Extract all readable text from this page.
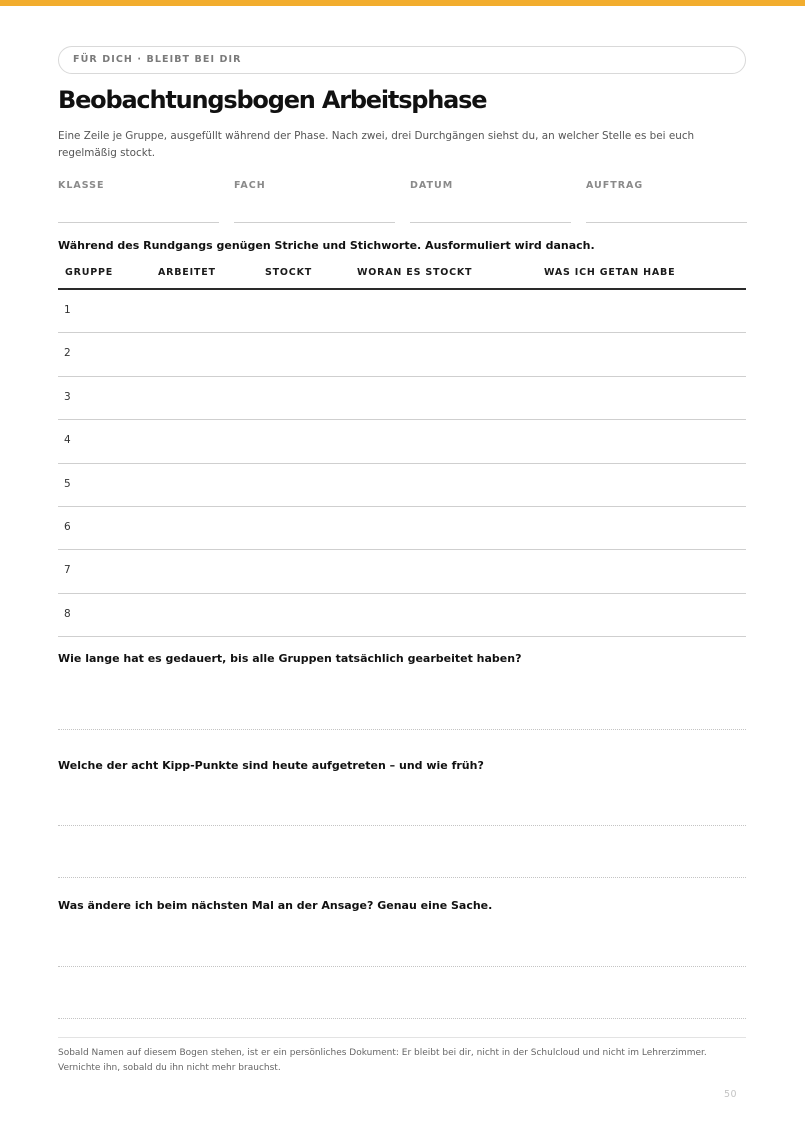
FÜR DICH · BLEIBT BEI DIR
Beobachtungsbogen Arbeitsphase

Eine Zeile je Gruppe, ausgefüllt während der Phase. Nach zwei, drei Durchgängen siehst du, an welcher Stelle es bei euch regelmäßig stockt.

KLASSE	FACH	DATUM	AUFTRAG
Während des Rundgangs genügen Striche und Stichworte. Ausformuliert wird danach.
GRUPPE	ARBEITET	STOCKT	WORAN ES STOCKT	WAS ICH GETAN HABE
1
2
3
4
5
6
7
8
Wie lange hat es gedauert, bis alle Gruppen tatsächlich gearbeitet haben?
Welche der acht Kipp-Punkte sind heute aufgetreten – und wie früh?
Was ändere ich beim nächsten Mal an der Ansage? Genau eine Sache.

Sobald Namen auf diesem Bogen stehen, ist er ein persönliches Dokument: Er bleibt bei dir, nicht in der Schulcloud und nicht im Lehrerzimmer. Vernichte ihn, sobald du ihn nicht mehr brauchst.

50
